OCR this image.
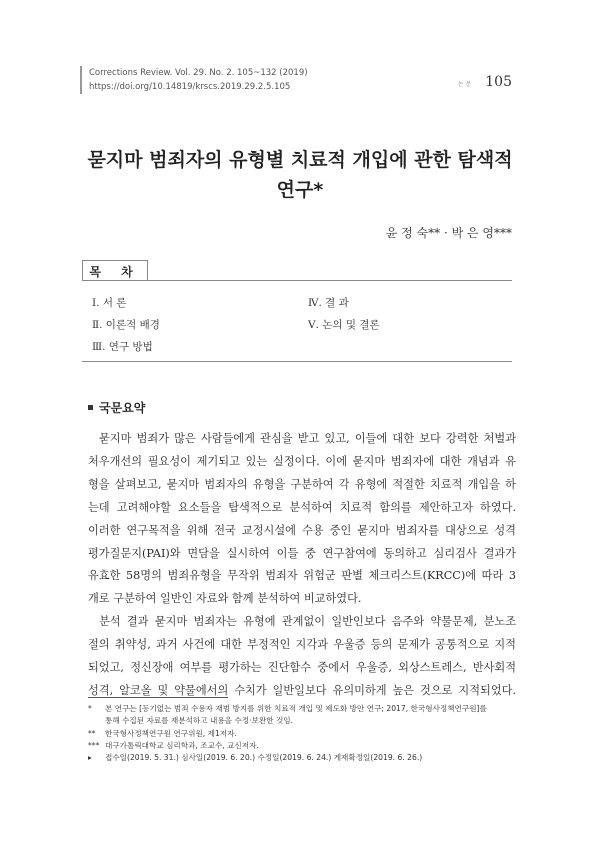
Corrections Review. Vol. 29. No. 2. 105~132 (2019)
https://doi.org/10.14819/krscs.2019.29.2.5.105	논 문 105
묻지마 범죄자의 유형별 치료적 개입에 관한 탐색적
연구*
윤 정 숙** · 박 은 영***
목 차
Ⅰ. 서 론
Ⅱ. 이론적 배경
Ⅲ. 연구 방법
Ⅳ. 결 과
Ⅴ. 논의 및 결론
국문요약
묻지마 범죄가 많은 사람들에게 관심을 받고 있고, 이들에 대한 보다 강력한 처벌과
처우개선의 필요성이 제기되고 있는 실정이다. 이에 묻지마 범죄자에 대한 개념과 유
형을 살펴보고, 묻지마 범죄자의 유형을 구분하여 각 유형에 적절한 치료적 개입을 하
는데 고려해야할 요소들을 탐색적으로 분석하여 치료적 함의를 제안하고자 하였다.
이러한 연구목적을 위해 전국 교정시설에 수용 중인 묻지마 범죄자를 대상으로 성격
평가질문지(PAI)와 면담을 실시하여 이들 중 연구참여에 동의하고 심리검사 결과가
유효한 58명의 범죄유형을 무작위 범죄자 위험군 판별 체크리스트(KRCC)에 따라 3
개로 구분하여 일반인 자료와 함께 분석하여 비교하였다.
분석 결과 묻지마 범죄자는 유형에 관계없이 일반인보다 음주와 약물문제, 분노조
절의 취약성, 과거 사건에 대한 부정적인 지각과 우울증 등의 문제가 공통적으로 지적
되었고, 정신장애 여부를 평가하는 진단함수 중에서 우울증, 외상스트레스, 반사회적
성격, 알코올 및 약물에서의 수치가 일반일보다 유의미하게 높은 것으로 지적되었다.
* 본 연구는 [동기없는 범죄 수용자 재범 방지를 위한 치료적 개입 및 제도화 방안 연구; 2017, 한국형사정책연구원]를
통해 수집된 자료를 재분석하고 내용을 수정·보완한 것임.
** 한국형사정책연구원 연구위원, 제1저자.
*** 대구가톨릭대학교 심리학과, 조교수, 교신저자.
▸ 접수일(2019. 5. 31.) 심사일(2019. 6. 20.) 수정일(2019. 6. 24.) 게재확정일(2019. 6. 26.)
